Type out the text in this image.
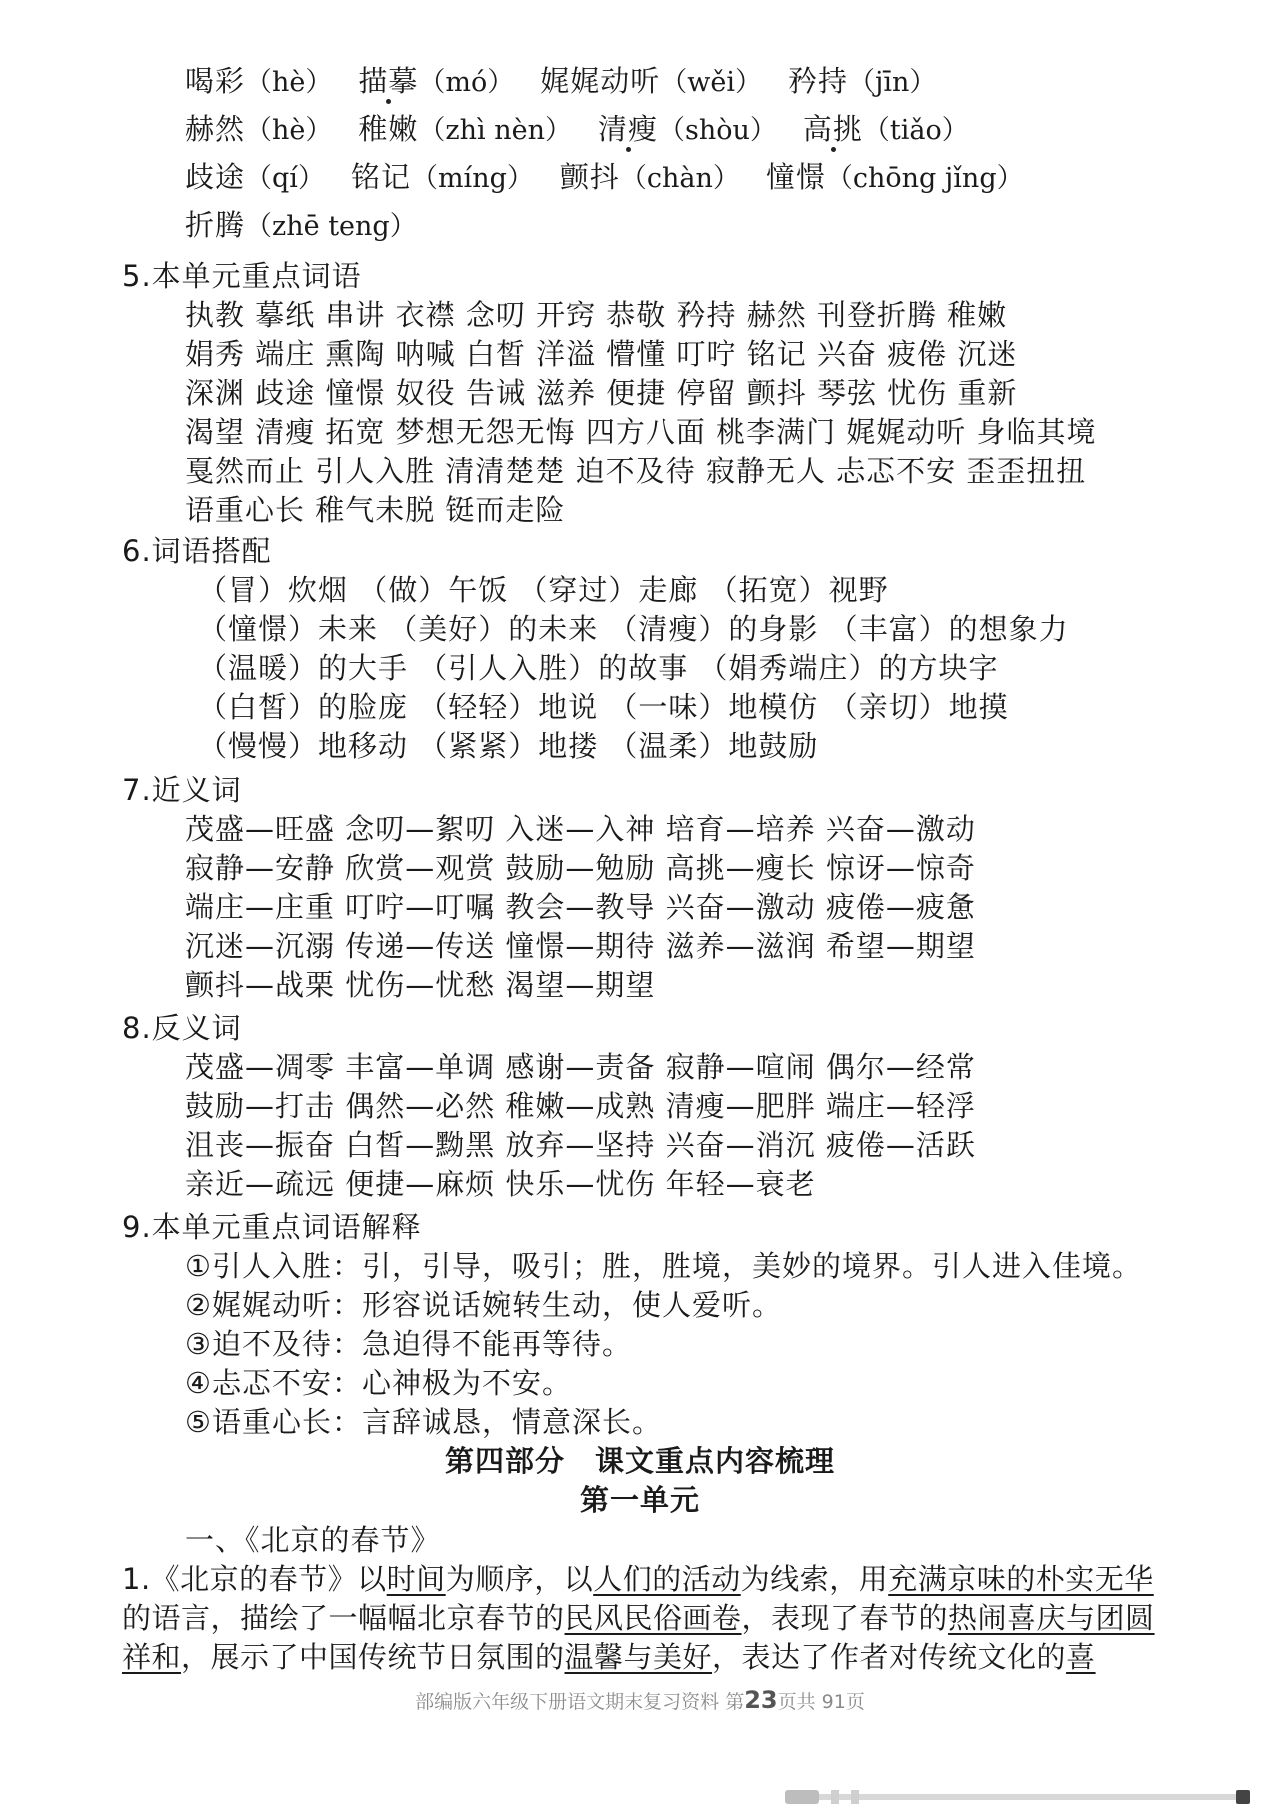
喝彩（hè） 描摹（mó） 娓娓动听（wěi） 矜持（jīn）
赫然（hè） 稚嫩（zhì nèn） 清瘦（shòu） 高挑（tiǎo）
歧途（qí） 铭记（míng） 颤抖（chàn） 憧憬（chōng jǐng）
折腾（zhē teng）
5.本单元重点词语
执教 摹纸 串讲 衣襟 念叨 开窍 恭敬 矜持 赫然 刊登折腾 稚嫩
娟秀 端庄 熏陶 呐喊 白皙 洋溢 懵懂 叮咛 铭记 兴奋 疲倦 沉迷
深渊 歧途 憧憬 奴役 告诫 滋养 便捷 停留 颤抖 琴弦 忧伤 重新
渴望 清瘦 拓宽 梦想无怨无悔 四方八面 桃李满门 娓娓动听 身临其境
戛然而止 引人入胜 清清楚楚 迫不及待 寂静无人 忐忑不安 歪歪扭扭
语重心长 稚气未脱 铤而走险
6.词语搭配
（冒）炊烟 （做）午饭 （穿过）走廊 （拓宽）视野
（憧憬）未来 （美好）的未来 （清瘦）的身影 （丰富）的想象力
（温暖）的大手 （引人入胜）的故事 （娟秀端庄）的方块字
（白皙）的脸庞 （轻轻）地说 （一味）地模仿 （亲切）地摸
（慢慢）地移动 （紧紧）地搂 （温柔）地鼓励
7.近义词
茂盛—旺盛 念叨—絮叨 入迷—入神 培育—培养 兴奋—激动
寂静—安静 欣赏—观赏 鼓励—勉励 高挑—瘦长 惊讶—惊奇
端庄—庄重 叮咛—叮嘱 教会—教导 兴奋—激动 疲倦—疲惫
沉迷—沉溺 传递—传送 憧憬—期待 滋养—滋润 希望—期望
颤抖—战栗 忧伤—忧愁 渴望—期望
8.反义词
茂盛—凋零 丰富—单调 感谢—责备 寂静—喧闹 偶尔—经常
鼓励—打击 偶然—必然 稚嫩—成熟 清瘦—肥胖 端庄—轻浮
沮丧—振奋 白皙—黝黑 放弃—坚持 兴奋—消沉 疲倦—活跃
亲近—疏远 便捷—麻烦 快乐—忧伤 年轻—衰老
9.本单元重点词语解释
①引人入胜：引，引导，吸引；胜，胜境，美妙的境界。引人进入佳境。
②娓娓动听：形容说话婉转生动，使人爱听。
③迫不及待：急迫得不能再等待。
④忐忑不安：心神极为不安。
⑤语重心长：言辞诚恳，情意深长。
第四部分　课文重点内容梳理
第一单元
一、《北京的春节》
1.《北京的春节》以时间为顺序，以人们的活动为线索，用充满京味的朴实无华的语言，描绘了一幅幅北京春节的民风民俗画卷，表现了春节的热闹喜庆与团圆祥和，展示了中国传统节日氛围的温馨与美好，表达了作者对传统文化的喜
部编版六年级下册语文期末复习资料 第23页共 91页
